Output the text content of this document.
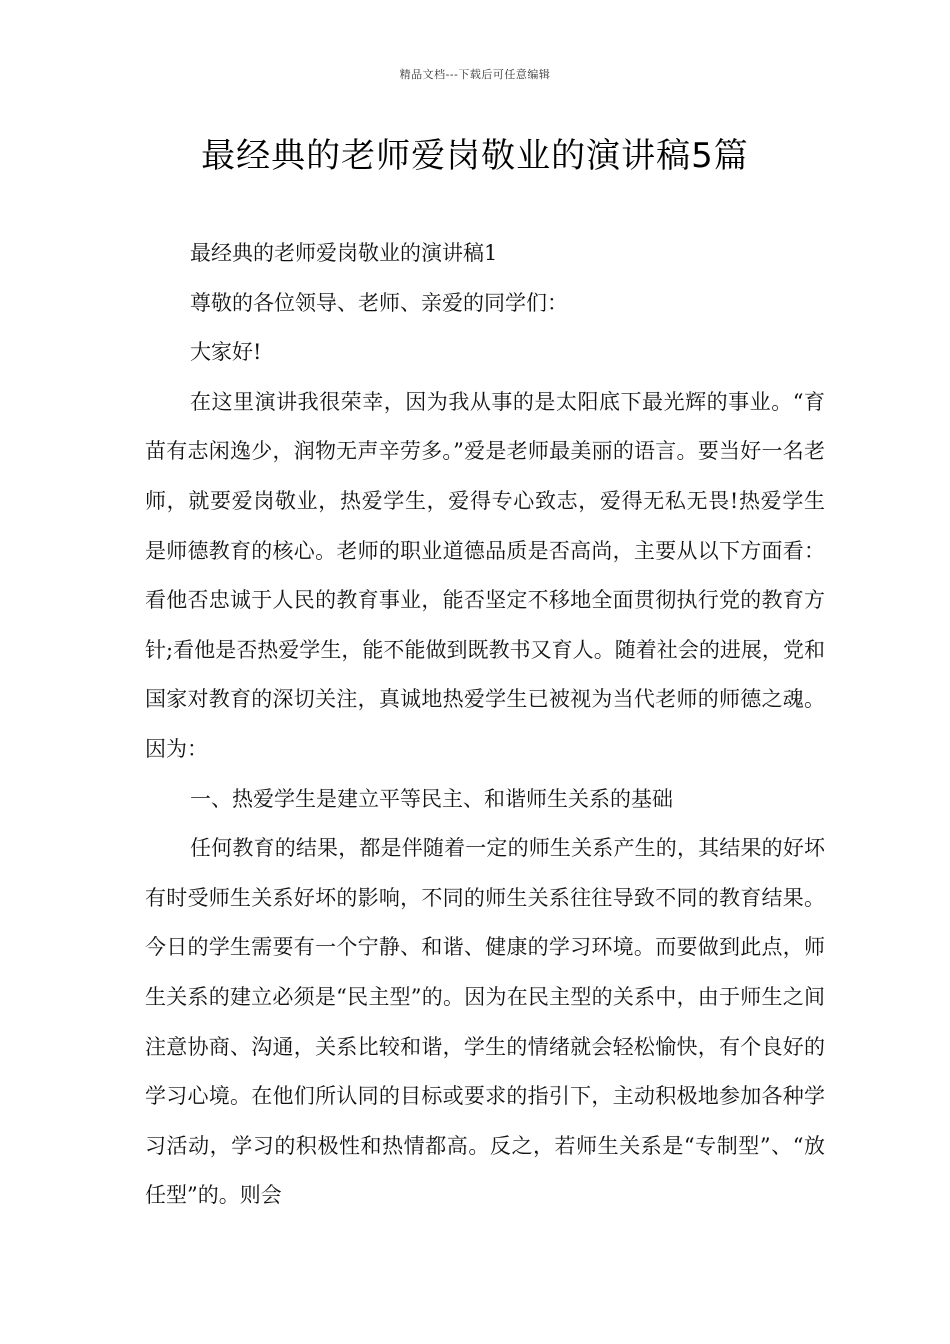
精品文档---下载后可任意编辑
最经典的老师爱岗敬业的演讲稿5篇

最经典的老师爱岗敬业的演讲稿1

尊敬的各位领导、老师、亲爱的同学们：

大家好!

在这里演讲我很荣幸，因为我从事的是太阳底下最光辉的事业。“育苗有志闲逸少，润物无声辛劳多。”爱是老师最美丽的语言。要当好一名老师，就要爱岗敬业，热爱学生，爱得专心致志，爱得无私无畏!热爱学生是师德教育的核心。老师的职业道德品质是否高尚，主要从以下方面看：看他否忠诚于人民的教育事业，能否坚定不移地全面贯彻执行党的教育方针;看他是否热爱学生，能不能做到既教书又育人。随着社会的进展，党和国家对教育的深切关注，真诚地热爱学生已被视为当代老师的师德之魂。因为：

一、热爱学生是建立平等民主、和谐师生关系的基础

任何教育的结果，都是伴随着一定的师生关系产生的，其结果的好坏有时受师生关系好坏的影响，不同的师生关系往往导致不同的教育结果。今日的学生需要有一个宁静、和谐、健康的学习环境。而要做到此点，师生关系的建立必须是“民主型”的。因为在民主型的关系中，由于师生之间注意协商、沟通，关系比较和谐，学生的情绪就会轻松愉快，有个良好的学习心境。在他们所认同的目标或要求的指引下，主动积极地参加各种学习活动，学习的积极性和热情都高。反之，若师生关系是“专制型”、“放任型”的。则会
